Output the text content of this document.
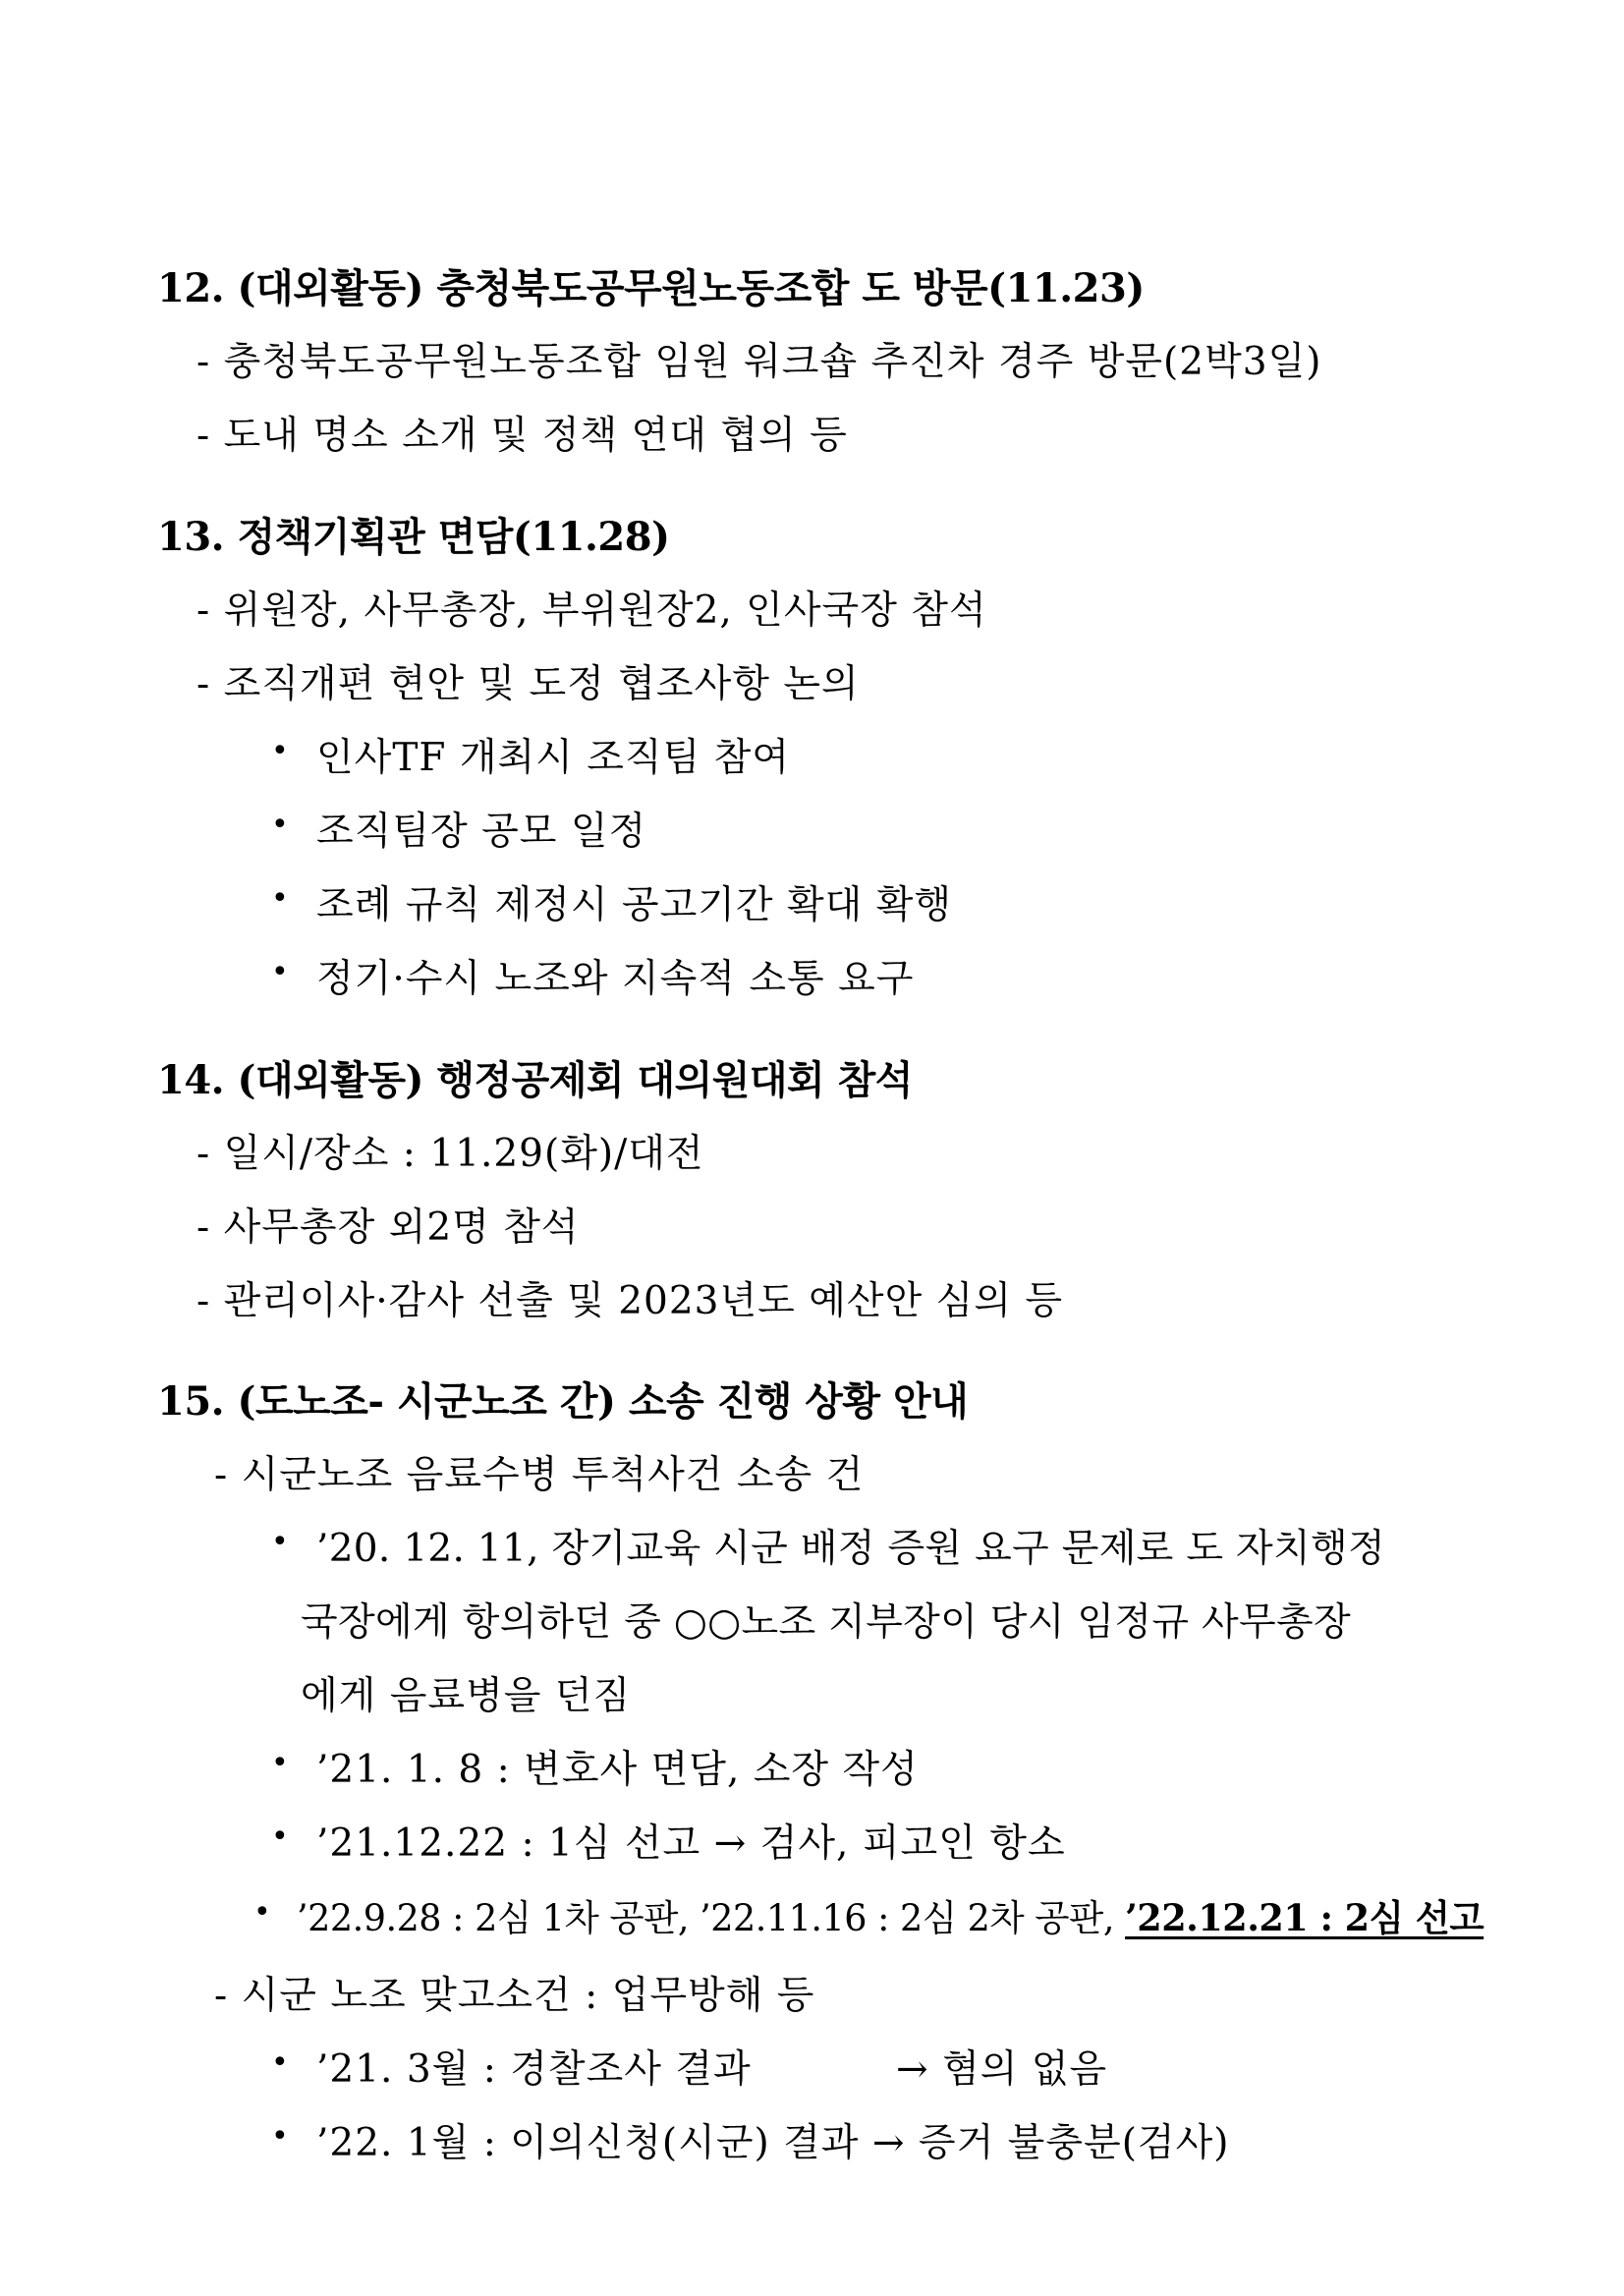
12. (대외활동) 충청북도공무원노동조합 도 방문(11.23)
- 충청북도공무원노동조합 임원 워크숍 추진차 경주 방문(2박3일)
- 도내 명소 소개 및 정책 연대 협의 등
13. 정책기획관 면담(11.28)
- 위원장, 사무총장, 부위원장2, 인사국장 참석
- 조직개편 현안 및 도정 협조사항 논의
• 인사TF 개최시 조직팀 참여
• 조직팀장 공모 일정
• 조례 규칙 제정시 공고기간 확대 확행
• 정기·수시 노조와 지속적 소통 요구
14. (대외활동) 행정공제회 대의원대회 참석
- 일시/장소 : 11.29(화)/대전
- 사무총장 외2명 참석
- 관리이사·감사 선출 및 2023년도 예산안 심의 등
15. (도노조- 시군노조 간) 소송 진행 상황 안내
- 시군노조 음료수병 투척사건 소송 건
• ’20. 12. 11, 장기교육 시군 배정 증원 요구 문제로 도 자치행정
국장에게 항의하던 중 ○○노조 지부장이 당시 임정규 사무총장
에게 음료병을 던짐
• ’21. 1. 8 : 변호사 면담, 소장 작성
• ’21.12.22 : 1심 선고 → 검사, 피고인 항소
• ’22.9.28 : 2심 1차 공판, ’22.11.16 : 2심 2차 공판, ’22.12.21 : 2심 선고
- 시군 노조 맞고소건 : 업무방해 등
• ’21. 3월 : 경찰조사 결과	→ 혐의 없음
• ’22. 1월 : 이의신청(시군) 결과 → 증거 불충분(검사)
